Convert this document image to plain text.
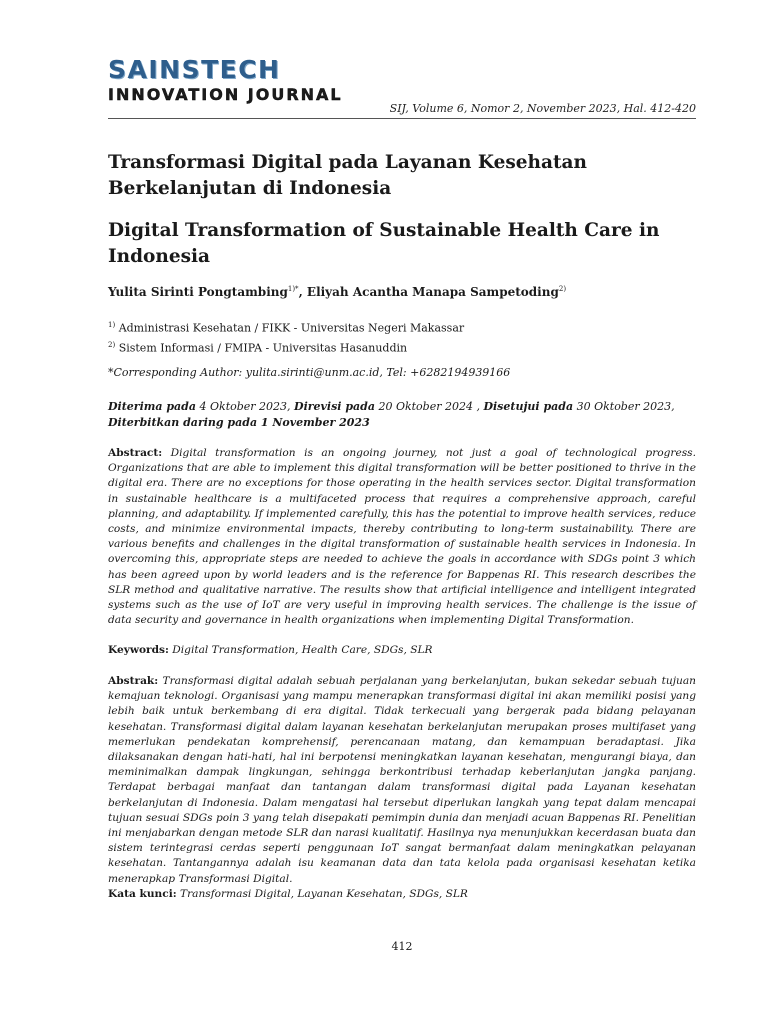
SAINSTECH
INNOVATION JOURNAL
SIJ, Volume 6, Nomor 2, November 2023, Hal. 412-420
Transformasi Digital pada Layanan Kesehatan Berkelanjutan di Indonesia
Digital Transformation of Sustainable Health Care in Indonesia
Yulita Sirinti Pongtambing$^{1)*}$, Eliyah Acantha Manapa Sampetoding$^{2)}$
$^{1)}$ Administrasi Kesehatan / FIKK - Universitas Negeri Makassar
$^{2)}$ Sistem Informasi / FMIPA - Universitas Hasanuddin
*Corresponding Author: yulita.sirinti@unm.ac.id, Tel: +6282194939166
Diterima pada 4 Oktober 2023, Direvisi pada 20 Oktober 2024 , Disetujui pada 30 Oktober 2023,
Diterbitkan daring pada 1 November 2023

Abstract: Digital transformation is an ongoing journey, not just a goal of technological progress. Organizations that are able to implement this digital transformation will be better positioned to thrive in the digital era. There are no exceptions for those operating in the health services sector. Digital transformation in sustainable healthcare is a multifaceted process that requires a comprehensive approach, careful planning, and adaptability. If implemented carefully, this has the potential to improve health services, reduce costs, and minimize environmental impacts, thereby contributing to long-term sustainability. There are various benefits and challenges in the digital transformation of sustainable health services in Indonesia. In overcoming this, appropriate steps are needed to achieve the goals in accordance with SDGs point 3 which has been agreed upon by world leaders and is the reference for Bappenas RI. This research describes the SLR method and qualitative narrative. The results show that artificial intelligence and intelligent integrated systems such as the use of IoT are very useful in improving health services. The challenge is the issue of data security and governance in health organizations when implementing Digital Transformation.

Keywords: Digital Transformation, Health Care, SDGs, SLR

Abstrak: Transformasi digital adalah sebuah perjalanan yang berkelanjutan, bukan sekedar sebuah tujuan kemajuan teknologi. Organisasi yang mampu menerapkan transformasi digital ini akan memiliki posisi yang lebih baik untuk berkembang di era digital. Tidak terkecuali yang bergerak pada bidang pelayanan kesehatan. Transformasi digital dalam layanan kesehatan berkelanjutan merupakan proses multifaset yang memerlukan pendekatan komprehensif, perencanaan matang, dan kemampuan beradaptasi. Jika dilaksanakan dengan hati-hati, hal ini berpotensi meningkatkan layanan kesehatan, mengurangi biaya, dan meminimalkan dampak lingkungan, sehingga berkontribusi terhadap keberlanjutan jangka panjang. Terdapat berbagai manfaat dan tantangan dalam transformasi digital pada Layanan kesehatan berkelanjutan di Indonesia. Dalam mengatasi hal tersebut diperlukan langkah yang tepat dalam mencapai tujuan sesuai SDGs poin 3 yang telah disepakati pemimpin dunia dan menjadi acuan Bappenas RI. Penelitian ini menjabarkan dengan metode SLR dan narasi kualitatif. Hasilnya nya menunjukkan kecerdasan buata dan sistem terintegrasi cerdas seperti penggunaan IoT sangat bermanfaat dalam meningkatkan pelayanan kesehatan. Tantangannya adalah isu keamanan data dan tata kelola pada organisasi kesehatan ketika menerapkap Transformasi Digital.

Kata kunci: Transformasi Digital, Layanan Kesehatan, SDGs, SLR
412
